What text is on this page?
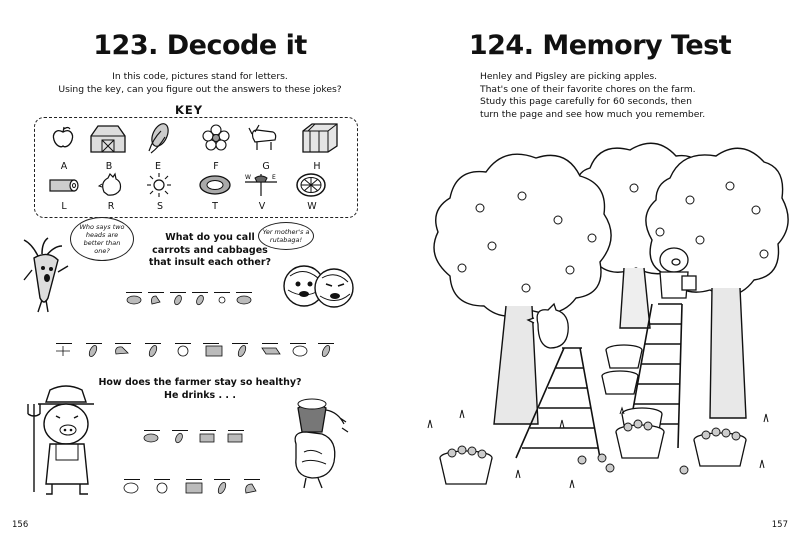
123. Decode it
In this code, pictures stand for letters.
Using the key, can you figure out the answers to these jokes?
KEY
A	B	E	F	G	H
W	E
L	R	S	T	V	W
Who says two heads are better than one?
What do you call
carrots and cabbages
that insult each other?
Yer mother's a rutabaga!
How does the farmer stay so healthy?
He drinks . . .
156
124. Memory Test
Henley and Pigsley are picking apples.
That's one of their favorite chores on the farm.
Study this page carefully for 60 seconds, then
turn the page and see how much you remember.
157
